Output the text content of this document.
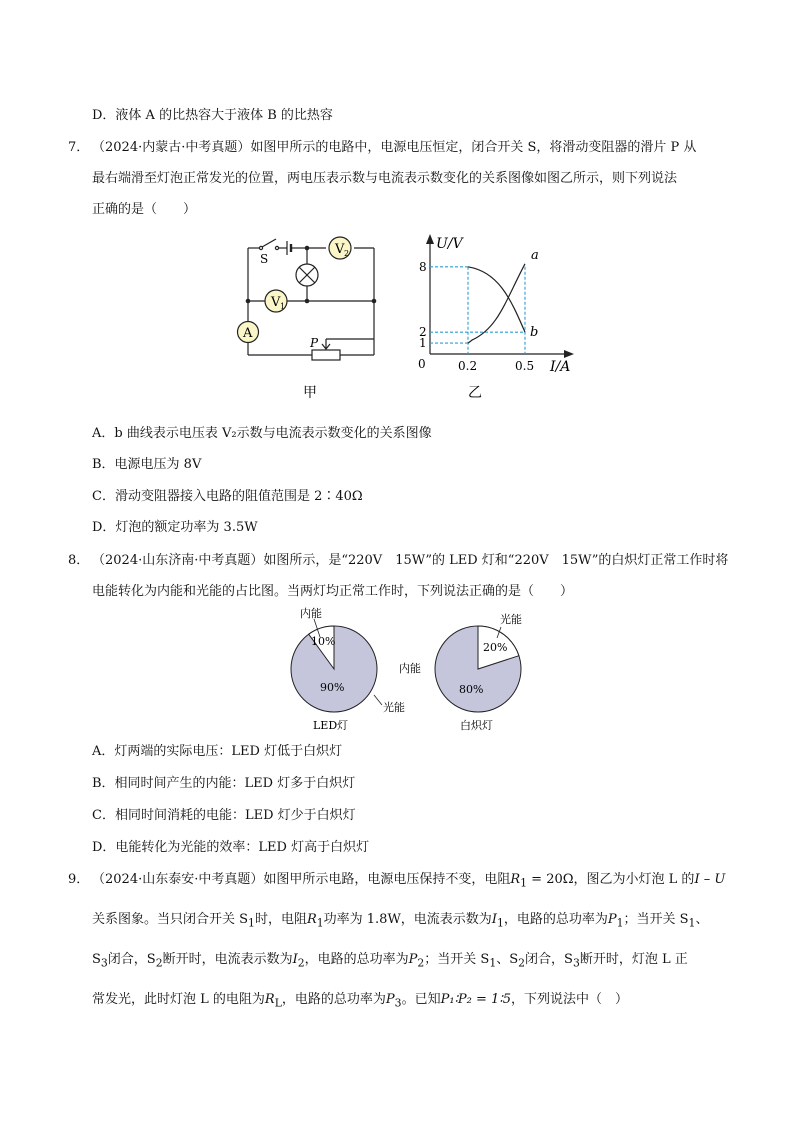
D．液体 A 的比热容大于液体 B 的比热容
7． （2024·内蒙古·中考真题）如图甲所示的电路中，电源电压恒定，闭合开关 S，将滑动变阻器的滑片 P 从
最右端滑至灯泡正常发光的位置，两电压表示数与电流表示数变化的关系图像如图乙所示，则下列说法
正确的是（　　）
V 2
V 1
A
S
P
甲
U/V
I/A
0
8
2
1
0.2	0.5
a
b
乙
A．b 曲线表示电压表 V₂示数与电流表示数变化的关系图像
B．电源电压为 8V
C．滑动变阻器接入电路的阻值范围是 2∶40Ω
D．灯泡的额定功率为 3.5W
8． （2024·山东济南·中考真题）如图所示，是“220V　15W”的 LED 灯和“220V　15W”的白炽灯正常工作时将
电能转化为内能和光能的占比图。当两灯均正常工作时，下列说法正确的是（　　）
内能
10%
90%
光能
LED灯
光能
20%
内能
80%
白炽灯
A．灯两端的实际电压：LED 灯低于白炽灯
B．相同时间产生的内能：LED 灯多于白炽灯
C．相同时间消耗的电能：LED 灯少于白炽灯
D．电能转化为光能的效率：LED 灯高于白炽灯
9． （2024·山东泰安·中考真题）如图甲所示电路，电源电压保持不变，电阻$R_1 = 20\Omega$，图乙为小灯泡 L 的I – U
关系图象。当只闭合开关 $S_1$时，电阻$R_1$功率为 1.8W，电流表示数为$I_1$，电路的总功率为$P_1$；当开关 $S_1$、
$S_3$闭合，$S_2$断开时，电流表示数为$I_2$，电路的总功率为$P_2$；当开关 $S_1$、$S_2$闭合，$S_3$断开时，灯泡 L 正
常发光，此时灯泡 L 的电阻为$R_L$，电路的总功率为$P_3$。已知P₁∶P₂ = 1∶5，下列说法中（　）
